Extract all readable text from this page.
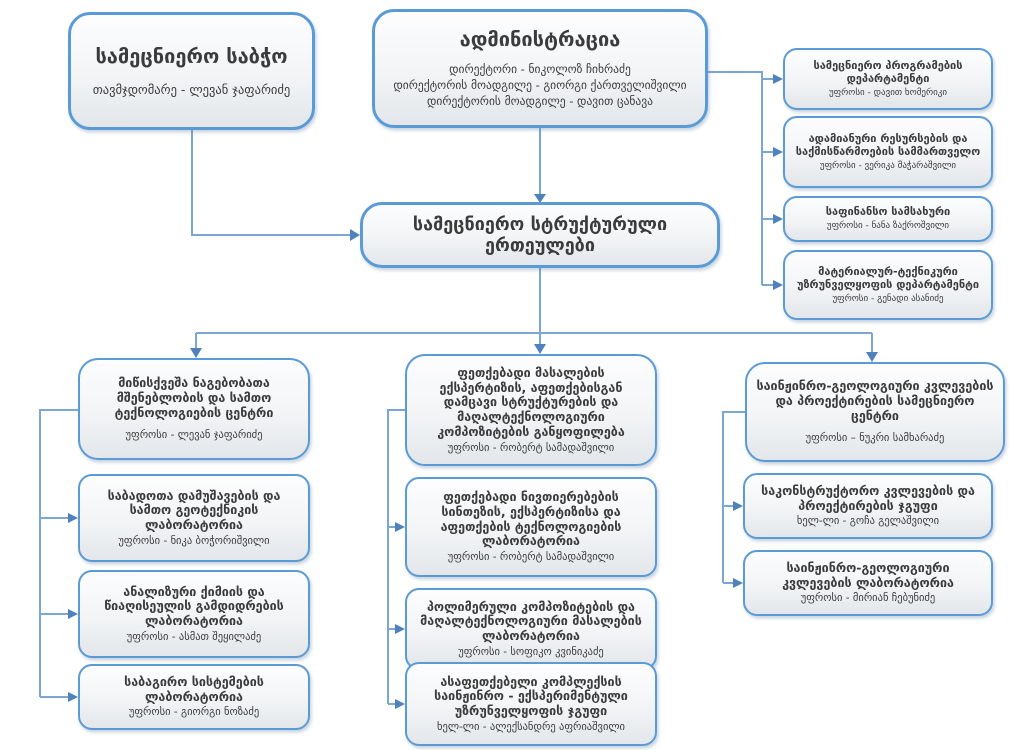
სამეცნიერო საბჭო
თავმჯდომარე - ლევან ჯაფარიძე
ადმინისტრაცია
დირექტორი - ნიკოლოზ ჩიხრაძე
დირექტორის მოადგილე - გიორგი ქართველიშვილი
დირექტორის მოადგილე - დავით ცანავა
სამეცნიერო სტრუქტურული ერთეულები
სამეცნიერო პროგრამების დეპარტამენტი
უფროსი - დავით ხომერიკი
ადამიანური რესურსების და საქმისწარმოების სამმართველო
უფროსი - ვერიკა მაჭარაშვილი
საფინანსო სამსახური
უფროსი - ნანა ზაქროშვილი
მატერიალურ-ტექნიკური უზრუნველყოფის დეპარტამენტი
უფროსი - გენადი ასანიძე
მიწისქვეშა ნაგებობათა მშენებლობის და სამთო ტექნოლოგიების ცენტრი
უფროსი - ლევან ჯაფარიძე
საბადოთა დამუშავების და სამთო გეოტექნიკის ლაბორატორია
უფროსი - ნიკა ბოჭორიშვილი
ანალიზური ქიმიის და წიაღისეულის გამდიდრების ლაბორატორია
უფროსი - ასმათ შეყილაძე
საბაგირო სისტემების ლაბორატორია
უფროსი - გიორგი ნოზაძე
ფეთქებადი მასალების ექსპერტიზის, აფეთქებისგან დამცავი სტრუქტურების და მაღალტექნოლოგიური კომპოზიტების განყოფილება
უფროსი - რობერტ სამადაშვილი
ფეთქებადი ნივთიერებების სინთეზის, ექსპერტიზისა და აფეთქების ტექნოლოგიების ლაბორატორია
უფროსი - რობერტ სამადაშვილი
პოლიმერული კომპოზიტების და მაღალტექნოლოგიური მასალების ლაბორატორია
უფროსი - სოფიკო კვინიკაძე
ასაფეთქებელი კომპლექსის საინჟინრო - ექსპერიმენტული უზრუნველყოფის ჯგუფი
ხელ-ლი - ალექსანდრე აფრიაშვილი
საინჟინრო-გეოლოგიური კვლევების და პროექტირების სამეცნიერო ცენტრი
უფროსი – ნუკრი სამხარაძე
საკონსტრუქტორო კვლევების და პროექტირების ჯგუფი
ხელ-ლი - გოჩა გელაშვილი
საინჟინრო-გეოლოგიური კვლევების ლაბორატორია
უფროსი - მირიან ჩებუნიძე
